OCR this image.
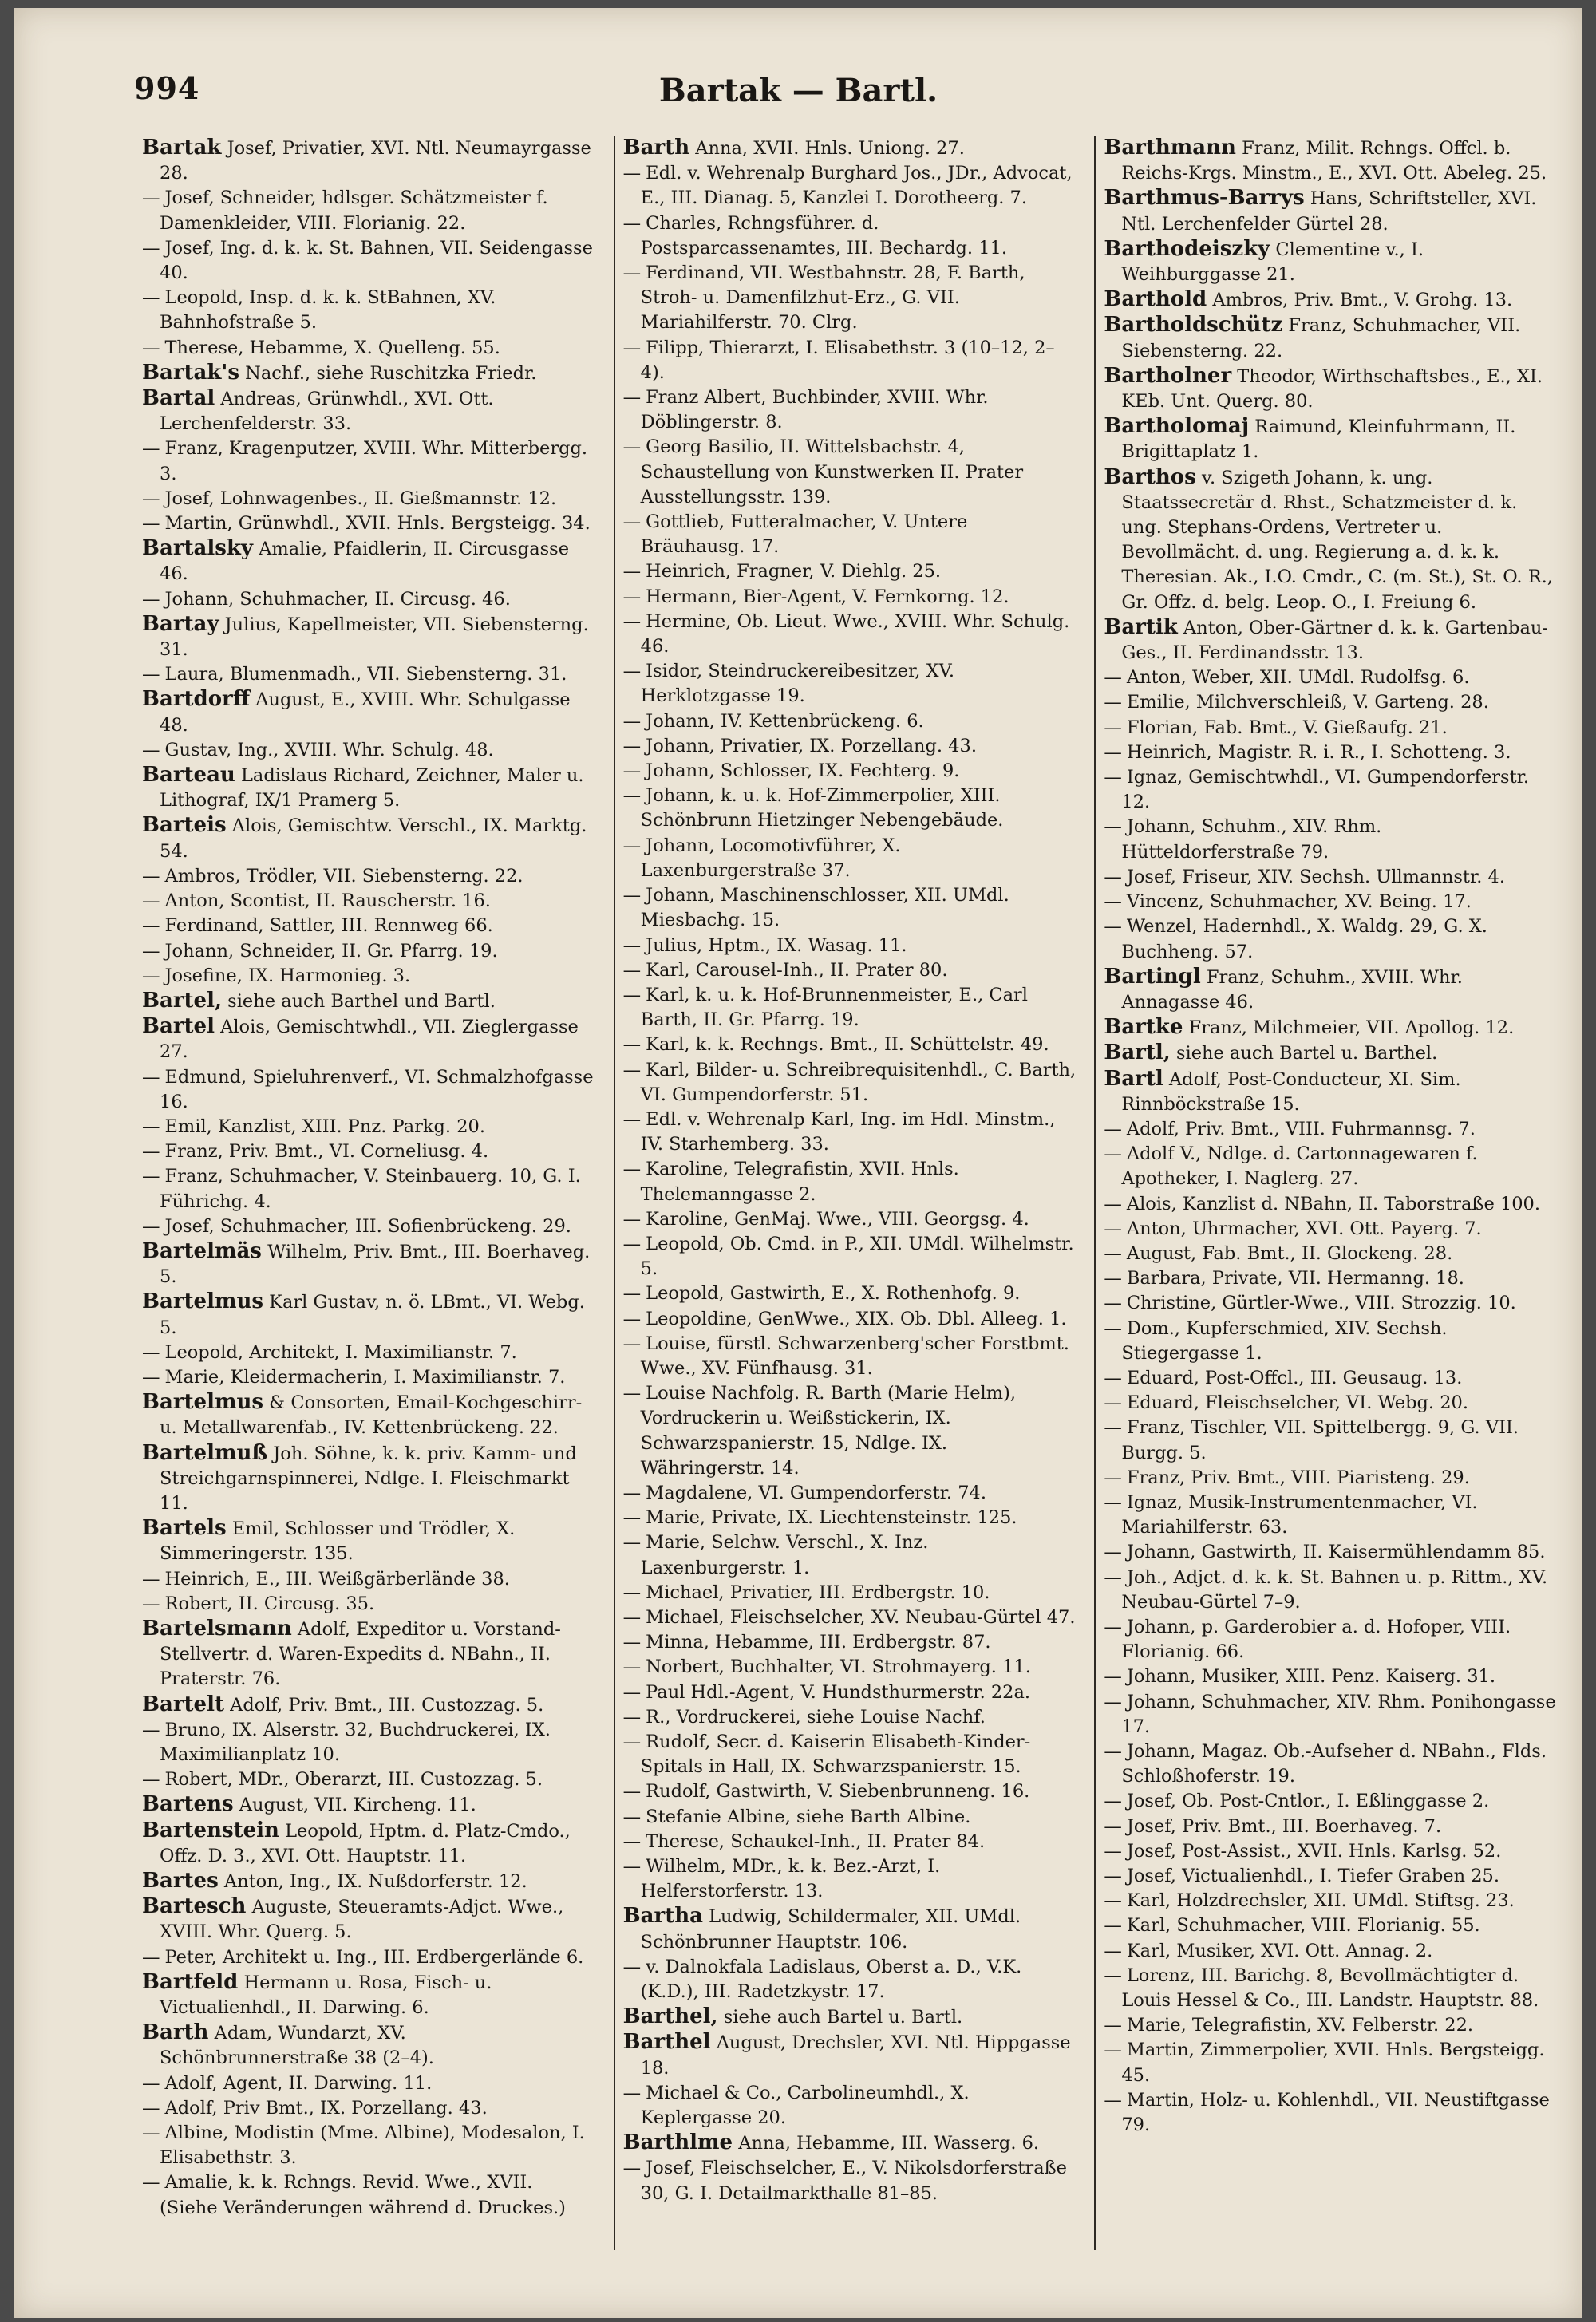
994	Bartak — Bartl.
Bartak Josef, Privatier, XVI. Ntl. Neumayrgasse 28.
— Josef, Schneider, hdlsger. Schätzmeister f. Damenkleider, VIII. Florianig. 22.
— Josef, Ing. d. k. k. St. Bahnen, VII. Seidengasse 40.
— Leopold, Insp. d. k. k. StBahnen, XV. Bahnhofstraße 5.
— Therese, Hebamme, X. Quelleng. 55.
Bartak's Nachf., siehe Ruschitzka Friedr.
Bartal Andreas, Grünwhdl., XVI. Ott. Lerchenfelderstr. 33.
— Franz, Kragenputzer, XVIII. Whr. Mitterbergg. 3.
— Josef, Lohnwagenbes., II. Gießmannstr. 12.
— Martin, Grünwhdl., XVII. Hnls. Bergsteigg. 34.
Bartalsky Amalie, Pfaidlerin, II. Circusgasse 46.
— Johann, Schuhmacher, II. Circusg. 46.
Bartay Julius, Kapellmeister, VII. Siebensterng. 31.
— Laura, Blumenmadh., VII. Siebensterng. 31.
Bartdorff August, E., XVIII. Whr. Schulgasse 48.
— Gustav, Ing., XVIII. Whr. Schulg. 48.
Barteau Ladislaus Richard, Zeichner, Maler u. Lithograf, IX/1 Pramerg 5.
Barteis Alois, Gemischtw. Verschl., IX. Marktg. 54.
— Ambros, Trödler, VII. Siebensterng. 22.
— Anton, Scontist, II. Rauscherstr. 16.
— Ferdinand, Sattler, III. Rennweg 66.
— Johann, Schneider, II. Gr. Pfarrg. 19.
— Josefine, IX. Harmonieg. 3.
Bartel, siehe auch Barthel und Bartl.
Bartel Alois, Gemischtwhdl., VII. Zieglergasse 27.
— Edmund, Spieluhrenverf., VI. Schmalzhofgasse 16.
— Emil, Kanzlist, XIII. Pnz. Parkg. 20.
— Franz, Priv. Bmt., VI. Corneliusg. 4.
— Franz, Schuhmacher, V. Steinbauerg. 10, G. I. Führichg. 4.
— Josef, Schuhmacher, III. Sofienbrückeng. 29.
Bartelmäs Wilhelm, Priv. Bmt., III. Boerhaveg. 5.
Bartelmus Karl Gustav, n. ö. LBmt., VI. Webg. 5.
— Leopold, Architekt, I. Maximilianstr. 7.
— Marie, Kleidermacherin, I. Maximilianstr. 7.
Bartelmus & Consorten, Email-Kochgeschirr- u. Metallwarenfab., IV. Kettenbrückeng. 22.
Bartelmuß Joh. Söhne, k. k. priv. Kamm- und Streichgarnspinnerei, Ndlge. I. Fleischmarkt 11.
Bartels Emil, Schlosser und Trödler, X. Simmeringerstr. 135.
— Heinrich, E., III. Weißgärberlände 38.
— Robert, II. Circusg. 35.
Bartelsmann Adolf, Expeditor u. Vorstand-Stellvertr. d. Waren-Expedits d. NBahn., II. Praterstr. 76.
Bartelt Adolf, Priv. Bmt., III. Custozzag. 5.
— Bruno, IX. Alserstr. 32, Buchdruckerei, IX. Maximilianplatz 10.
— Robert, MDr., Oberarzt, III. Custozzag. 5.
Bartens August, VII. Kircheng. 11.
Bartenstein Leopold, Hptm. d. Platz-Cmdo., Offz. D. 3., XVI. Ott. Hauptstr. 11.
Bartes Anton, Ing., IX. Nußdorferstr. 12.
Bartesch Auguste, Steueramts-Adjct. Wwe., XVIII. Whr. Querg. 5.
— Peter, Architekt u. Ing., III. Erdbergerlände 6.
Bartfeld Hermann u. Rosa, Fisch- u. Victualienhdl., II. Darwing. 6.
Barth Adam, Wundarzt, XV. Schönbrunnerstraße 38 (2–4).
— Adolf, Agent, II. Darwing. 11.
— Adolf, Priv Bmt., IX. Porzellang. 43.
— Albine, Modistin (Mme. Albine), Modesalon, I. Elisabethstr. 3.
— Amalie, k. k. Rchngs. Revid. Wwe., XVII. (Siehe Veränderungen während d. Druckes.)
Barth Anna, XVII. Hnls. Uniong. 27.
— Edl. v. Wehrenalp Burghard Jos., JDr., Advocat, E., III. Dianag. 5, Kanzlei I. Dorotheerg. 7.
— Charles, Rchngsführer. d. Postsparcassenamtes, III. Bechardg. 11.
— Ferdinand, VII. Westbahnstr. 28, F. Barth, Stroh- u. Damenfilzhut-Erz., G. VII. Mariahilferstr. 70. Clrg.
— Filipp, Thierarzt, I. Elisabethstr. 3 (10–12, 2–4).
— Franz Albert, Buchbinder, XVIII. Whr. Döblingerstr. 8.
— Georg Basilio, II. Wittelsbachstr. 4, Schaustellung von Kunstwerken II. Prater Ausstellungsstr. 139.
— Gottlieb, Futteralmacher, V. Untere Bräuhausg. 17.
— Heinrich, Fragner, V. Diehlg. 25.
— Hermann, Bier-Agent, V. Fernkorng. 12.
— Hermine, Ob. Lieut. Wwe., XVIII. Whr. Schulg. 46.
— Isidor, Steindruckereibesitzer, XV. Herklotzgasse 19.
— Johann, IV. Kettenbrückeng. 6.
— Johann, Privatier, IX. Porzellang. 43.
— Johann, Schlosser, IX. Fechterg. 9.
— Johann, k. u. k. Hof-Zimmerpolier, XIII. Schönbrunn Hietzinger Nebengebäude.
— Johann, Locomotivführer, X. Laxenburgerstraße 37.
— Johann, Maschinenschlosser, XII. UMdl. Miesbachg. 15.
— Julius, Hptm., IX. Wasag. 11.
— Karl, Carousel-Inh., II. Prater 80.
— Karl, k. u. k. Hof-Brunnenmeister, E., Carl Barth, II. Gr. Pfarrg. 19.
— Karl, k. k. Rechngs. Bmt., II. Schüttelstr. 49.
— Karl, Bilder- u. Schreibrequisitenhdl., C. Barth, VI. Gumpendorferstr. 51.
— Edl. v. Wehrenalp Karl, Ing. im Hdl. Minstm., IV. Starhemberg. 33.
— Karoline, Telegrafistin, XVII. Hnls. Thelemanngasse 2.
— Karoline, GenMaj. Wwe., VIII. Georgsg. 4.
— Leopold, Ob. Cmd. in P., XII. UMdl. Wilhelmstr. 5.
— Leopold, Gastwirth, E., X. Rothenhofg. 9.
— Leopoldine, GenWwe., XIX. Ob. Dbl. Alleeg. 1.
— Louise, fürstl. Schwarzenberg'scher Forstbmt. Wwe., XV. Fünfhausg. 31.
— Louise Nachfolg. R. Barth (Marie Helm), Vordruckerin u. Weißstickerin, IX. Schwarzspanierstr. 15, Ndlge. IX. Währingerstr. 14.
— Magdalene, VI. Gumpendorferstr. 74.
— Marie, Private, IX. Liechtensteinstr. 125.
— Marie, Selchw. Verschl., X. Inz. Laxenburgerstr. 1.
— Michael, Privatier, III. Erdbergstr. 10.
— Michael, Fleischselcher, XV. Neubau-Gürtel 47.
— Minna, Hebamme, III. Erdbergstr. 87.
— Norbert, Buchhalter, VI. Strohmayerg. 11.
— Paul Hdl.-Agent, V. Hundsthurmerstr. 22a.
— R., Vordruckerei, siehe Louise Nachf.
— Rudolf, Secr. d. Kaiserin Elisabeth-Kinder-Spitals in Hall, IX. Schwarzspanierstr. 15.
— Rudolf, Gastwirth, V. Siebenbrunneng. 16.
— Stefanie Albine, siehe Barth Albine.
— Therese, Schaukel-Inh., II. Prater 84.
— Wilhelm, MDr., k. k. Bez.-Arzt, I. Helferstorferstr. 13.
Bartha Ludwig, Schildermaler, XII. UMdl. Schönbrunner Hauptstr. 106.
— v. Dalnokfala Ladislaus, Oberst a. D., V.K. (K.D.), III. Radetzkystr. 17.
Barthel, siehe auch Bartel u. Bartl.
Barthel August, Drechsler, XVI. Ntl. Hippgasse 18.
— Michael & Co., Carbolineumhdl., X. Keplergasse 20.
Barthlme Anna, Hebamme, III. Wasserg. 6.
— Josef, Fleischselcher, E., V. Nikolsdorferstraße 30, G. I. Detailmarkthalle 81–85.
Barthmann Franz, Milit. Rchngs. Offcl. b. Reichs-Krgs. Minstm., E., XVI. Ott. Abeleg. 25.
Barthmus-Barrys Hans, Schriftsteller, XVI. Ntl. Lerchenfelder Gürtel 28.
Barthodeiszky Clementine v., I. Weihburggasse 21.
Barthold Ambros, Priv. Bmt., V. Grohg. 13.
Bartholdschütz Franz, Schuhmacher, VII. Siebensterng. 22.
Bartholner Theodor, Wirthschaftsbes., E., XI. KEb. Unt. Querg. 80.
Bartholomaj Raimund, Kleinfuhrmann, II. Brigittaplatz 1.
Barthos v. Szigeth Johann, k. ung. Staatssecretär d. Rhst., Schatzmeister d. k. ung. Stephans-Ordens, Vertreter u. Bevollmächt. d. ung. Regierung a. d. k. k. Theresian. Ak., I.O. Cmdr., C. (m. St.), St. O. R., Gr. Offz. d. belg. Leop. O., I. Freiung 6.
Bartik Anton, Ober-Gärtner d. k. k. Gartenbau-Ges., II. Ferdinandsstr. 13.
— Anton, Weber, XII. UMdl. Rudolfsg. 6.
— Emilie, Milchverschleiß, V. Garteng. 28.
— Florian, Fab. Bmt., V. Gießaufg. 21.
— Heinrich, Magistr. R. i. R., I. Schotteng. 3.
— Ignaz, Gemischtwhdl., VI. Gumpendorferstr. 12.
— Johann, Schuhm., XIV. Rhm. Hütteldorferstraße 79.
— Josef, Friseur, XIV. Sechsh. Ullmannstr. 4.
— Vincenz, Schuhmacher, XV. Being. 17.
— Wenzel, Hadernhdl., X. Waldg. 29, G. X. Buchheng. 57.
Bartingl Franz, Schuhm., XVIII. Whr. Annagasse 46.
Bartke Franz, Milchmeier, VII. Apollog. 12.
Bartl, siehe auch Bartel u. Barthel.
Bartl Adolf, Post-Conducteur, XI. Sim. Rinnböckstraße 15.
— Adolf, Priv. Bmt., VIII. Fuhrmannsg. 7.
— Adolf V., Ndlge. d. Cartonnagewaren f. Apotheker, I. Naglerg. 27.
— Alois, Kanzlist d. NBahn, II. Taborstraße 100.
— Anton, Uhrmacher, XVI. Ott. Payerg. 7.
— August, Fab. Bmt., II. Glockeng. 28.
— Barbara, Private, VII. Hermanng. 18.
— Christine, Gürtler-Wwe., VIII. Strozzig. 10.
— Dom., Kupferschmied, XIV. Sechsh. Stiegergasse 1.
— Eduard, Post-Offcl., III. Geusaug. 13.
— Eduard, Fleischselcher, VI. Webg. 20.
— Franz, Tischler, VII. Spittelbergg. 9, G. VII. Burgg. 5.
— Franz, Priv. Bmt., VIII. Piaristeng. 29.
— Ignaz, Musik-Instrumentenmacher, VI. Mariahilferstr. 63.
— Johann, Gastwirth, II. Kaisermühlendamm 85.
— Joh., Adjct. d. k. k. St. Bahnen u. p. Rittm., XV. Neubau-Gürtel 7–9.
— Johann, p. Garderobier a. d. Hofoper, VIII. Florianig. 66.
— Johann, Musiker, XIII. Penz. Kaiserg. 31.
— Johann, Schuhmacher, XIV. Rhm. Ponihongasse 17.
— Johann, Magaz. Ob.-Aufseher d. NBahn., Flds. Schloßhoferstr. 19.
— Josef, Ob. Post-Cntlor., I. Eßlinggasse 2.
— Josef, Priv. Bmt., III. Boerhaveg. 7.
— Josef, Post-Assist., XVII. Hnls. Karlsg. 52.
— Josef, Victualienhdl., I. Tiefer Graben 25.
— Karl, Holzdrechsler, XII. UMdl. Stiftsg. 23.
— Karl, Schuhmacher, VIII. Florianig. 55.
— Karl, Musiker, XVI. Ott. Annag. 2.
— Lorenz, III. Barichg. 8, Bevollmächtigter d. Louis Hessel & Co., III. Landstr. Hauptstr. 88.
— Marie, Telegrafistin, XV. Felberstr. 22.
— Martin, Zimmerpolier, XVII. Hnls. Bergsteigg. 45.
— Martin, Holz- u. Kohlenhdl., VII. Neustiftgasse 79.
